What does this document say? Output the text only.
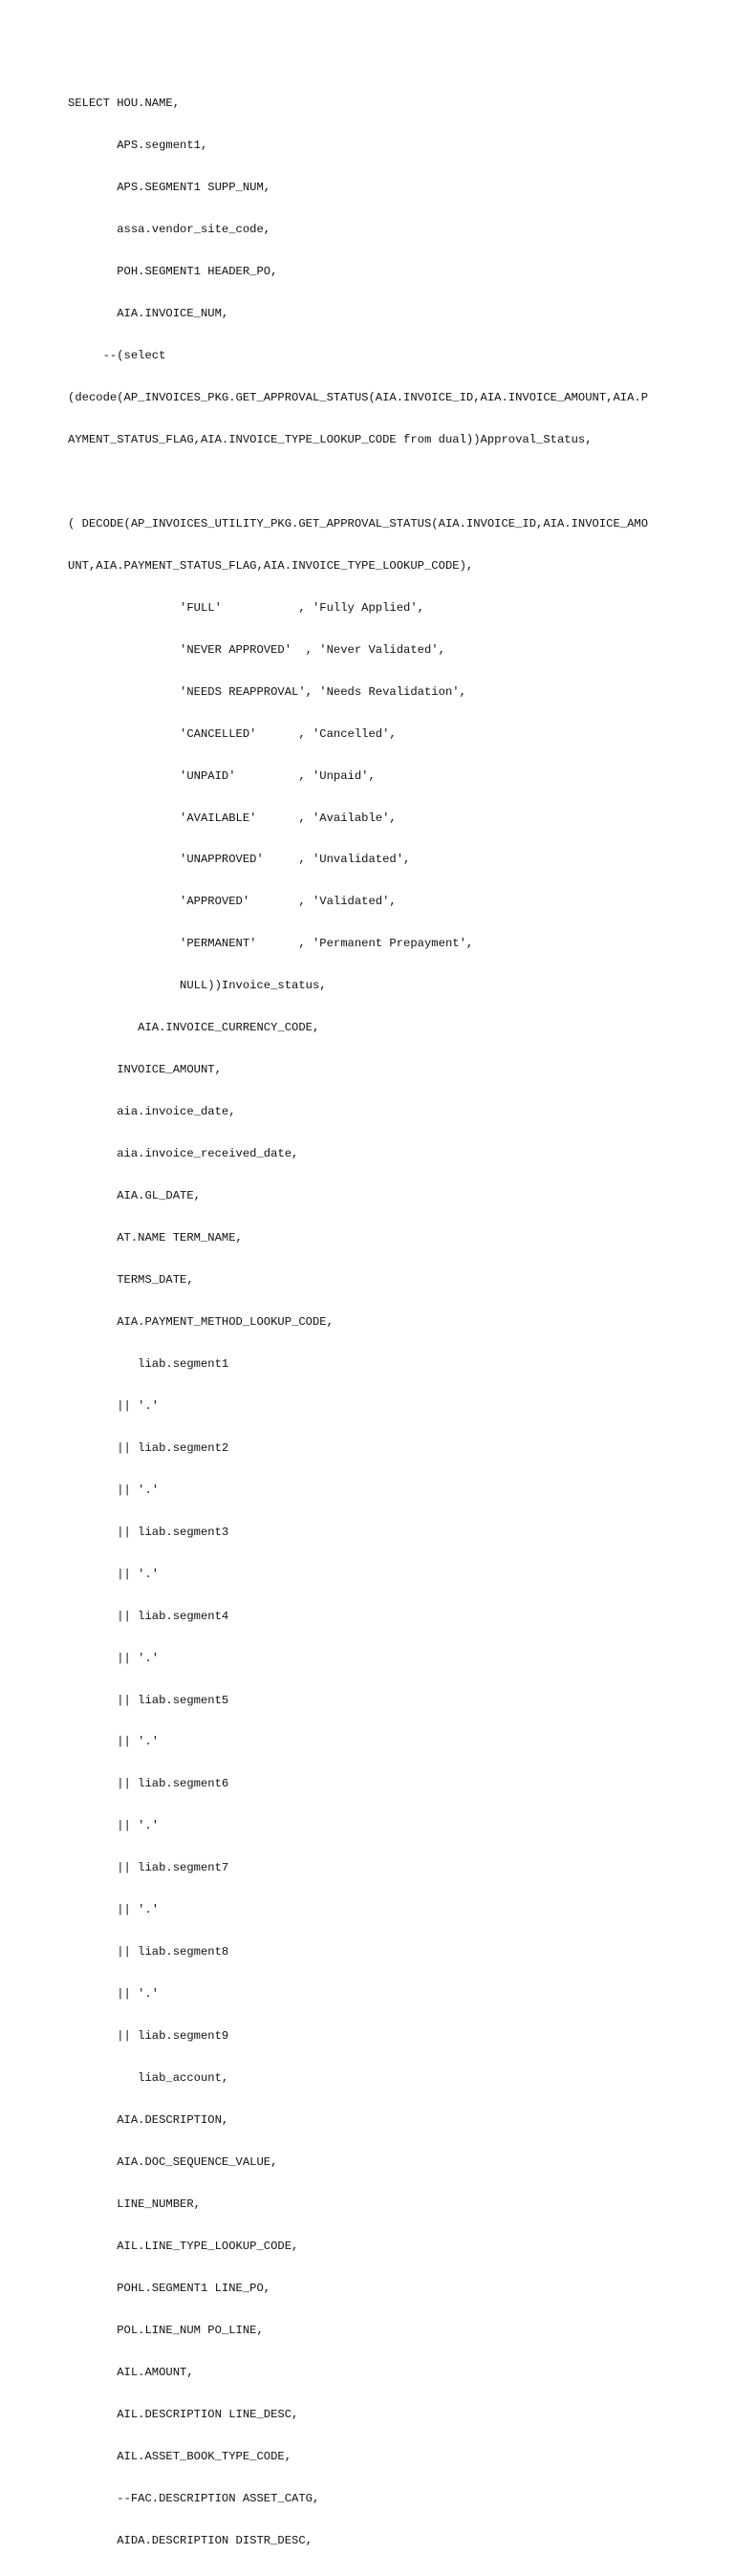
SELECT HOU.NAME,

APS.segment1,

APS.SEGMENT1 SUPP_NUM,

assa.vendor_site_code,

POH.SEGMENT1 HEADER_PO,

AIA.INVOICE_NUM,

--(select

(decode(AP_INVOICES_PKG.GET_APPROVAL_STATUS(AIA.INVOICE_ID,AIA.INVOICE_AMOUNT,AIA.P

AYMENT_STATUS_FLAG,AIA.INVOICE_TYPE_LOOKUP_CODE from dual))Approval_Status,

( DECODE(AP_INVOICES_UTILITY_PKG.GET_APPROVAL_STATUS(AIA.INVOICE_ID,AIA.INVOICE_AMO

UNT,AIA.PAYMENT_STATUS_FLAG,AIA.INVOICE_TYPE_LOOKUP_CODE),

'FULL'           , 'Fully Applied',

'NEVER APPROVED'  , 'Never Validated',

'NEEDS REAPPROVAL', 'Needs Revalidation',

'CANCELLED'      , 'Cancelled',

'UNPAID'         , 'Unpaid',

'AVAILABLE'      , 'Available',

'UNAPPROVED'     , 'Unvalidated',

'APPROVED'       , 'Validated',

'PERMANENT'      , 'Permanent Prepayment',

NULL))Invoice_status,

AIA.INVOICE_CURRENCY_CODE,

INVOICE_AMOUNT,

aia.invoice_date,

aia.invoice_received_date,

AIA.GL_DATE,

AT.NAME TERM_NAME,

TERMS_DATE,

AIA.PAYMENT_METHOD_LOOKUP_CODE,

liab.segment1

|| '.'

|| liab.segment2

|| '.'

|| liab.segment3

|| '.'

|| liab.segment4

|| '.'

|| liab.segment5

|| '.'

|| liab.segment6

|| '.'

|| liab.segment7

|| '.'

|| liab.segment8

|| '.'

|| liab.segment9

liab_account,

AIA.DESCRIPTION,

AIA.DOC_SEQUENCE_VALUE,

LINE_NUMBER,

AIL.LINE_TYPE_LOOKUP_CODE,

POHL.SEGMENT1 LINE_PO,

POL.LINE_NUM PO_LINE,

AIL.AMOUNT,

AIL.DESCRIPTION LINE_DESC,

AIL.ASSET_BOOK_TYPE_CODE,

--FAC.DESCRIPTION ASSET_CATG,

AIDA.DESCRIPTION DISTR_DESC,
